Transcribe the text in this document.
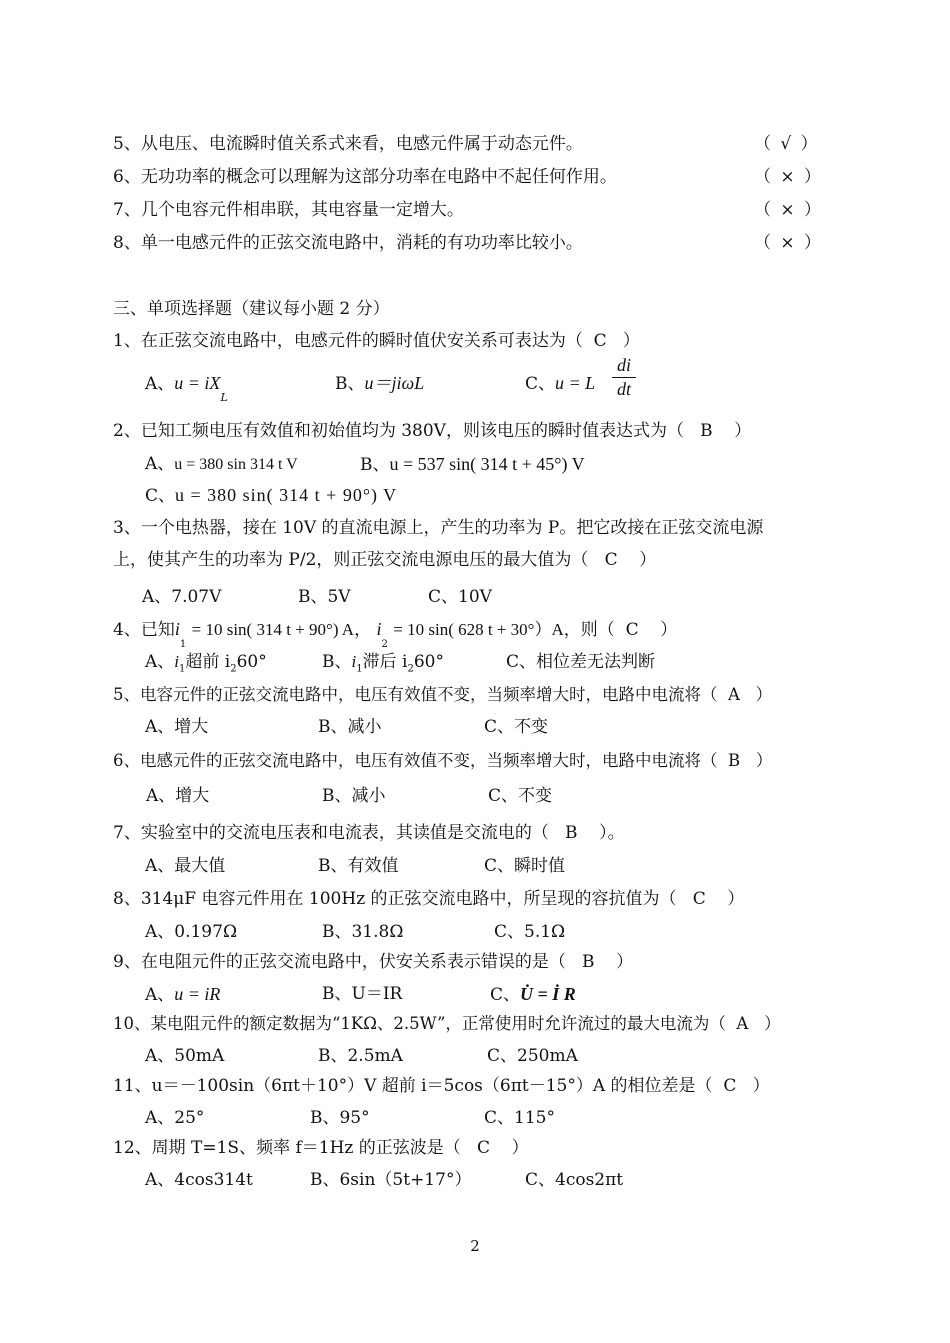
5、从电压、电流瞬时值关系式来看，电感元件属于动态元件。	（ √ ）
6、无功功率的概念可以理解为这部分功率在电路中不起任何作用。	（ × ）
7、几个电容元件相串联，其电容量一定增大。	（ × ）
8、单一电感元件的正弦交流电路中，消耗的有功功率比较小。	（ × ）
三、单项选择题（建议每小题 2 分）
1、在正弦交流电路中，电感元件的瞬时值伏安关系可表达为（ C ）
A、$u = iX_L$
B、u＝jiωL	C、u = L
di
dt
2、已知工频电压有效值和初始值均为 380V，则该电压的瞬时值表达式为（ B ）
A、u = 380 sin 314 t V	B、u = 537 sin( 314 t + 45°) V
C、u = 380 sin( 314 t + 90°) V
3、一个电热器，接在 10V 的直流电源上，产生的功率为 P。把它改接在正弦交流电源
上，使其产生的功率为 P/2，则正弦交流电源电压的最大值为（ C ）
A、7.07V	B、5V	C、10V
4、已知$i_1 = 10$ sin( 314 t + 90°) A， $i_2 = 10$ sin( 628 t + 30°）A，则（ C ）
A、$i_1$超前 $i_260^\circ$	B、$i_1$滞后 $i_260^\circ$	C、相位差无法判断
5、电容元件的正弦交流电路中，电压有效值不变，当频率增大时，电路中电流将（ A ）
A、增大	B、减小	C、不变
6、电感元件的正弦交流电路中，电压有效值不变，当频率增大时，电路中电流将（ B ）
A、增大	B、减小	C、不变
7、实验室中的交流电压表和电流表，其读值是交流电的（ B ）。
A、最大值	B、有效值	C、瞬时值
8、314μF 电容元件用在 100Hz 的正弦交流电路中，所呈现的容抗值为（ C ）
A、0.197Ω	B、31.8Ω	C、5.1Ω
9、在电阻元件的正弦交流电路中，伏安关系表示错误的是（ B ）
A、u = iR	B、U＝IR	C、U̇ = İ R
10、某电阻元件的额定数据为“1KΩ、2.5W”，正常使用时允许流过的最大电流为（ A ）
A、50mA	B、2.5mA	C、250mA
11、u＝－100sin（6πt＋10°）V 超前 i＝5cos（6πt－15°）A 的相位差是（ C ）
A、25°	B、95°	C、115°
12、周期 T=1S、频率 f＝1Hz 的正弦波是（ C ）
A、4cos314t	B、6sin（5t+17°）	C、4cos2πt
2
